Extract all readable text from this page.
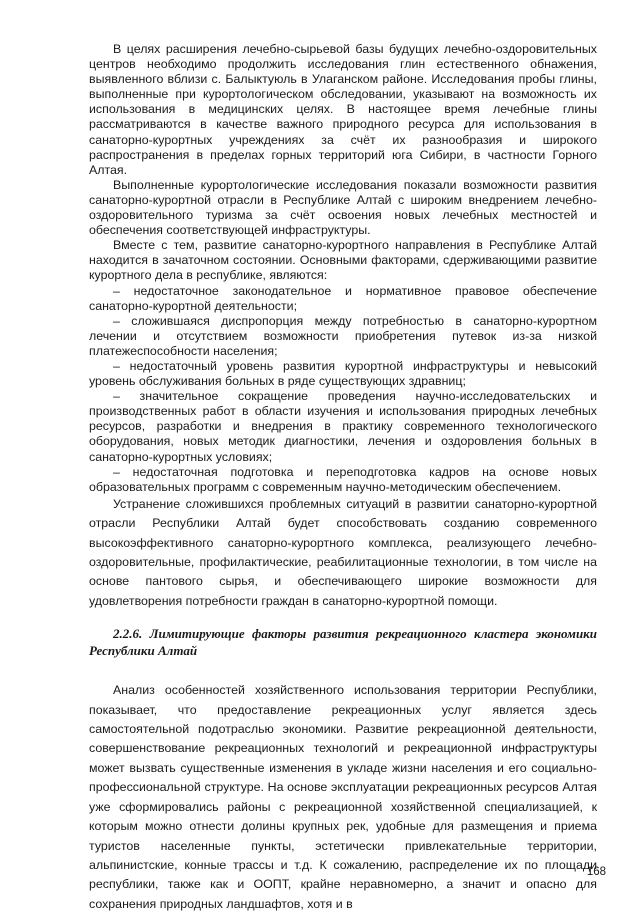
В целях расширения лечебно-сырьевой базы будущих лечебно-оздоровительных центров необходимо продолжить исследования глин естественного обнажения, выявленного вблизи с. Балыктуюль в Улаганском районе. Исследования пробы глины, выполненные при курортологическом обследовании, указывают на возможность их использования в медицинских целях. В настоящее время лечебные глины рассматриваются в качестве важного природного ресурса для использования в санаторно-курортных учреждениях за счёт их разнообразия и широкого распространения в пределах горных территорий юга Сибири, в частности Горного Алтая.

Выполненные курортологические исследования показали возможности развития санаторно-курортной отрасли в Республике Алтай с широким внедрением лечебно-оздоровительного туризма за счёт освоения новых лечебных местностей и обеспечения соответствующей инфраструктуры.

Вместе с тем, развитие санаторно-курортного направления в Республике Алтай находится в зачаточном состоянии. Основными факторами, сдерживающими развитие курортного дела в республике, являются:

– недостаточное законодательное и нормативное правовое обеспечение санаторно-курортной деятельности;

– сложившаяся диспропорция между потребностью в санаторно-курортном лечении и отсутствием возможности приобретения путевок из-за низкой платежеспособности населения;

– недостаточный уровень развития курортной инфраструктуры и невысокий уровень обслуживания больных в ряде существующих здравниц;

– значительное сокращение проведения научно-исследовательских и производственных работ в области изучения и использования природных лечебных ресурсов, разработки и внедрения в практику современного технологического оборудования, новых методик диагностики, лечения и оздоровления больных в санаторно-курортных условиях;

– недостаточная подготовка и переподготовка кадров на основе новых образовательных программ с современным научно-методическим обеспечением.

Устранение сложившихся проблемных ситуаций в развитии санаторно-курортной отрасли Республики Алтай будет способствовать созданию современного высокоэффективного санаторно-курортного комплекса, реализующего лечебно-оздоровительные, профилактические, реабилитационные технологии, в том числе на основе пантового сырья, и обеспечивающего широкие возможности для удовлетворения потребности граждан в санаторно-курортной помощи.

2.2.6. Лимитирующие факторы развития рекреационного кластера экономики Республики Алтай

Анализ особенностей хозяйственного использования территории Республики, показывает, что предоставление рекреационных услуг является здесь самостоятельной подотраслью экономики. Развитие рекреационной деятельности, совершенствование рекреационных технологий и рекреационной инфраструктуры может вызвать существенные изменения в укладе жизни населения и его социально-профессиональной структуре. На основе эксплуатации рекреационных ресурсов Алтая уже сформировались районы с рекреационной хозяйственной специализацией, к которым можно отнести долины крупных рек, удобные для размещения и приема туристов населенные пункты, эстетически привлекательные территории, альпинистские, конные трассы и т.д. К сожалению, распределение их по площади республики, также как и ООПТ, крайне неравномерно, а значит и опасно для сохранения природных ландшафтов, хотя и в

168
